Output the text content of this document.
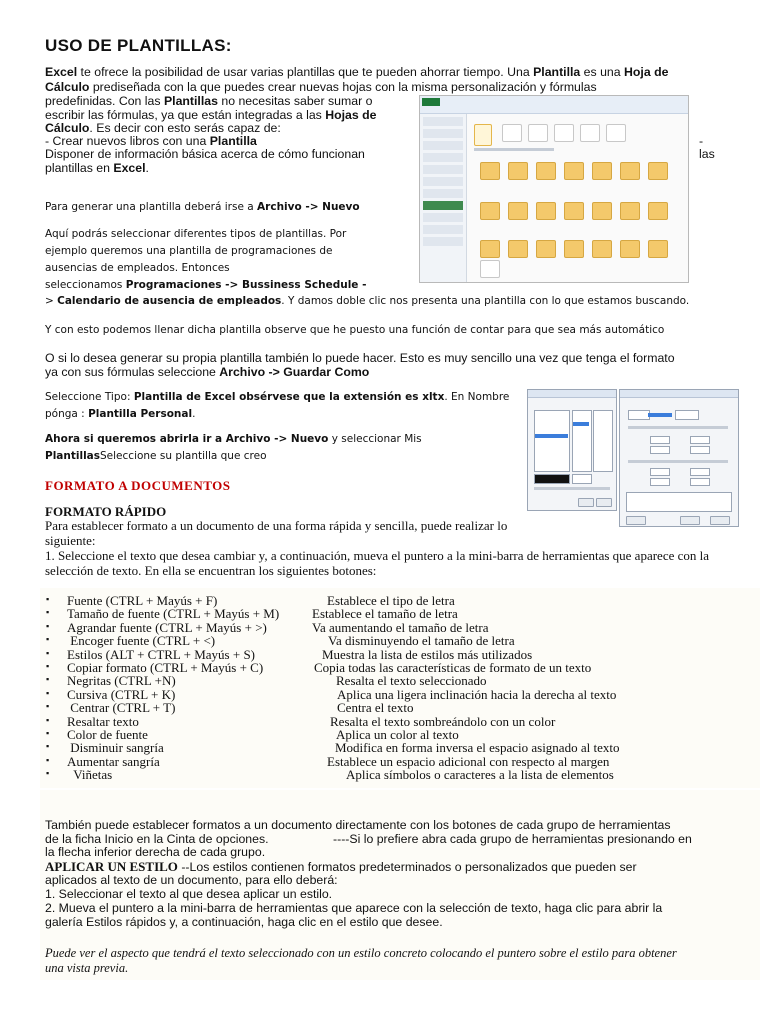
USO DE PLANTILLAS:
Excel te ofrece la posibilidad de usar varias plantillas que te pueden ahorrar tiempo. Una Plantilla es una Hoja de
Cálculo prediseñada con la que puedes crear nuevas hojas con la misma personalización y fórmulas
predefinidas. Con las Plantillas no necesitas saber sumar o
escribir las fórmulas, ya que están integradas a las Hojas de
Cálculo. Es decir con esto serás capaz de:
- Crear nuevos libros con una Plantilla	-
Disponer de información básica acerca de cómo funcionan	las
plantillas en Excel.
Para generar una plantilla deberá irse a Archivo -> Nuevo
Aquí podrás seleccionar diferentes tipos de plantillas. Por
ejemplo queremos una plantilla de programaciones de
ausencias de empleados. Entonces
seleccionamos Programaciones -> Bussiness Schedule -
> Calendario de ausencia de empleados. Y damos doble clic nos presenta una plantilla con lo que estamos buscando.
Y con esto podemos llenar dicha plantilla observe que he puesto una función de contar para que sea más automático
O si lo desea generar su propia plantilla también lo puede hacer. Esto es muy sencillo una vez que tenga el formato
ya con sus fórmulas seleccione Archivo -> Guardar Como
Seleccione Tipo: Plantilla de Excel obsérvese que la extensión es xltx. En Nombre
pónga : Plantilla Personal.
Ahora si queremos abrirla ir a Archivo -> Nuevo y seleccionar Mis
PlantillasSeleccione su plantilla que creo
FORMATO A DOCUMENTOS
FORMATO RÁPIDO
Para establecer formato a un documento de una forma rápida y sencilla, puede realizar lo
siguiente:
1. Seleccione el texto que desea cambiar y, a continuación, mueva el puntero a la mini-barra de herramientas que aparece con la
selección de texto. En ella se encuentran los siguientes botones:
▪ Fuente (CTRL + Mayús + F)	Establece el tipo de letra
▪ Tamaño de fuente (CTRL + Mayús + M)	Establece el tamaño de letra
▪ Agrandar fuente (CTRL + Mayús + >)	Va aumentando el tamaño de letra
▪ Encoger fuente (CTRL + <)	Va disminuyendo el tamaño de letra
▪ Estilos (ALT + CTRL + Mayús + S)	Muestra la lista de estilos más utilizados
▪ Copiar formato (CTRL + Mayús + C)	Copia todas las características de formato de un texto
▪ Negritas (CTRL +N)	Resalta el texto seleccionado
▪ Cursiva (CTRL + K)	Aplica una ligera inclinación hacia la derecha al texto
▪ Centrar (CTRL + T)	Centra el texto
▪ Resaltar texto	Resalta el texto sombreándolo con un color
▪ Color de fuente	Aplica un color al texto
▪ Disminuir sangría	Modifica en forma inversa el espacio asignado al texto
▪ Aumentar sangría	Establece un espacio adicional con respecto al margen
▪ Viñetas	Aplica símbolos o caracteres a la lista de elementos
También puede establecer formatos a un documento directamente con los botones de cada grupo de herramientas
de la ficha Inicio en la Cinta de opciones.	----Si lo prefiere abra cada grupo de herramientas presionando en
la flecha inferior derecha de cada grupo.
APLICAR UN ESTILO --Los estilos contienen formatos predeterminados o personalizados que pueden ser
aplicados al texto de un documento, para ello deberá:
1. Seleccionar el texto al que desea aplicar un estilo.
2. Mueva el puntero a la mini-barra de herramientas que aparece con la selección de texto, haga clic para abrir la
galería Estilos rápidos y, a continuación, haga clic en el estilo que desee.
Puede ver el aspecto que tendrá el texto seleccionado con un estilo concreto colocando el puntero sobre el estilo para obtener
una vista previa.
